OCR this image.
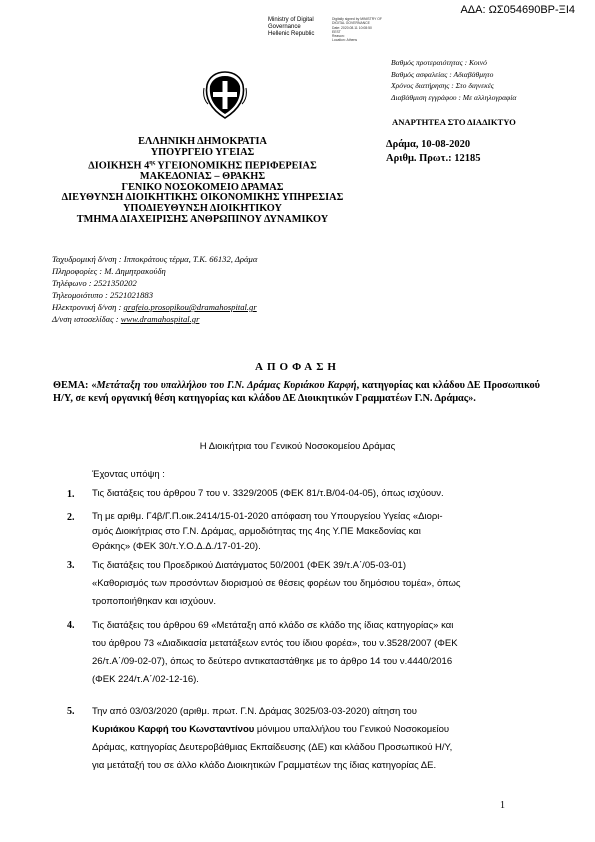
ΑΔΑ: ΩΣ054690ΒΡ-ΞΙ4
Ministry of Digital
Governance
Hellenic Republic
Digitally signed by MINISTRY OF
DIGITAL GOVERNANCE
Date: 2020.08.11 10:08:50
EEST
Reason:
Location: Athens
Βαθμός προτεραιότητας : Κοινό
Βαθμός ασφαλείας : Αδιαβάθμητο
Χρόνος διατήρησης : Στο διηνεκές
Διαβάθμιση εγγράφου : Με αλληλογραφία
ΑΝΑΡΤΗΤΕΑ ΣΤΟ ΔΙΑΔΙΚΤΥΟ
ΕΛΛΗΝΙΚΗ ΔΗΜΟΚΡΑΤΙΑ
ΥΠΟΥΡΓΕΙΟ ΥΓΕΙΑΣ
ΔΙΟΙΚΗΣΗ $4^{\eta\varsigma}$ ΥΓΕΙΟΝΟΜΙΚΗΣ ΠΕΡΙΦΕΡΕΙΑΣ
ΜΑΚΕΔΟΝΙΑΣ – ΘΡΑΚΗΣ
ΓΕΝΙΚΟ ΝΟΣΟΚΟΜΕΙΟ ΔΡΑΜΑΣ
ΔΙΕΥΘΥΝΣΗ ΔΙΟΙΚΗΤΙΚΗΣ ΟΙΚΟΝΟΜΙΚΗΣ ΥΠΗΡΕΣΙΑΣ
ΥΠΟΔΙΕΥΘΥΝΣΗ ΔΙΟΙΚΗΤΙΚΟΥ
ΤΜΗΜΑ ΔΙΑΧΕΙΡΙΣΗΣ ΑΝΘΡΩΠΙΝΟΥ ΔΥΝΑΜΙΚΟΥ
Δράμα, 10-08-2020
Αριθμ. Πρωτ.: 12185
Ταχυδρομική δ/νση : Ιπποκράτους τέρμα, Τ.Κ. 66132, Δράμα
Πληροφορίες : Μ. Δημητρακούδη
Τηλέφωνο : 2521350202
Τηλεομοιότυπο : 2521021883
Ηλεκτρονική δ/νση : grafeio.prosopikou@dramahospital.gr
Δ/νση ιστοσελίδας : www.dramahospital.gr
ΑΠΟΦΑΣΗ
ΘΕΜΑ: «Μετάταξη του υπαλλήλου του Γ.Ν. Δράμας Κυριάκου Καρφή, κατηγορίας και κλάδου ΔΕ Προσωπικού Η/Υ, σε κενή οργανική θέση κατηγορίας και κλάδου ΔΕ Διοικητικών Γραμματέων Γ.Ν. Δράμας».
Η Διοικήτρια του Γενικού Νοσοκομείου Δράμας
Έχοντας υπόψη :
1. Τις διατάξεις του άρθρου 7 του ν. 3329/2005 (ΦΕΚ 81/τ.Β/04-04-05), όπως ισχύουν.
2. Τη με αριθμ. Γ4β/Γ.Π.οικ.2414/15-01-2020 απόφαση του Υπουργείου Υγείας «Διορι-
σμός Διοικήτριας στο Γ.Ν. Δράμας, αρμοδιότητας της 4ης Υ.ΠΕ Μακεδονίας και
Θράκης» (ΦΕΚ 30/τ.Υ.Ο.Δ.Δ./17-01-20).
3. Τις διατάξεις του Προεδρικού Διατάγματος 50/2001 (ΦΕΚ 39/τ.Α΄/05-03-01)
«Καθορισμός των προσόντων διορισμού σε θέσεις φορέων του δημόσιου τομέα», όπως
τροποποιήθηκαν και ισχύουν.
4. Τις διατάξεις του άρθρου 69 «Μετάταξη από κλάδο σε κλάδο της ίδιας κατηγορίας» και
του άρθρου 73 «Διαδικασία μετατάξεων εντός του ίδιου φορέα», του ν.3528/2007 (ΦΕΚ
26/τ.Α΄/09-02-07), όπως το δεύτερο αντικαταστάθηκε με το άρθρο 14 του ν.4440/2016
(ΦΕΚ 224/τ.Α΄/02-12-16).
5. Την από 03/03/2020 (αριθμ. πρωτ. Γ.Ν. Δράμας 3025/03-03-2020) αίτηση του
Κυριάκου Καρφή του Κωνσταντίνου μόνιμου υπαλλήλου του Γενικού Νοσοκομείου
Δράμας, κατηγορίας Δευτεροβάθμιας Εκπαίδευσης (ΔΕ) και κλάδου Προσωπικού Η/Υ,
για μετάταξή του σε άλλο κλάδο Διοικητικών Γραμματέων της ίδιας κατηγορίας ΔΕ.
1
